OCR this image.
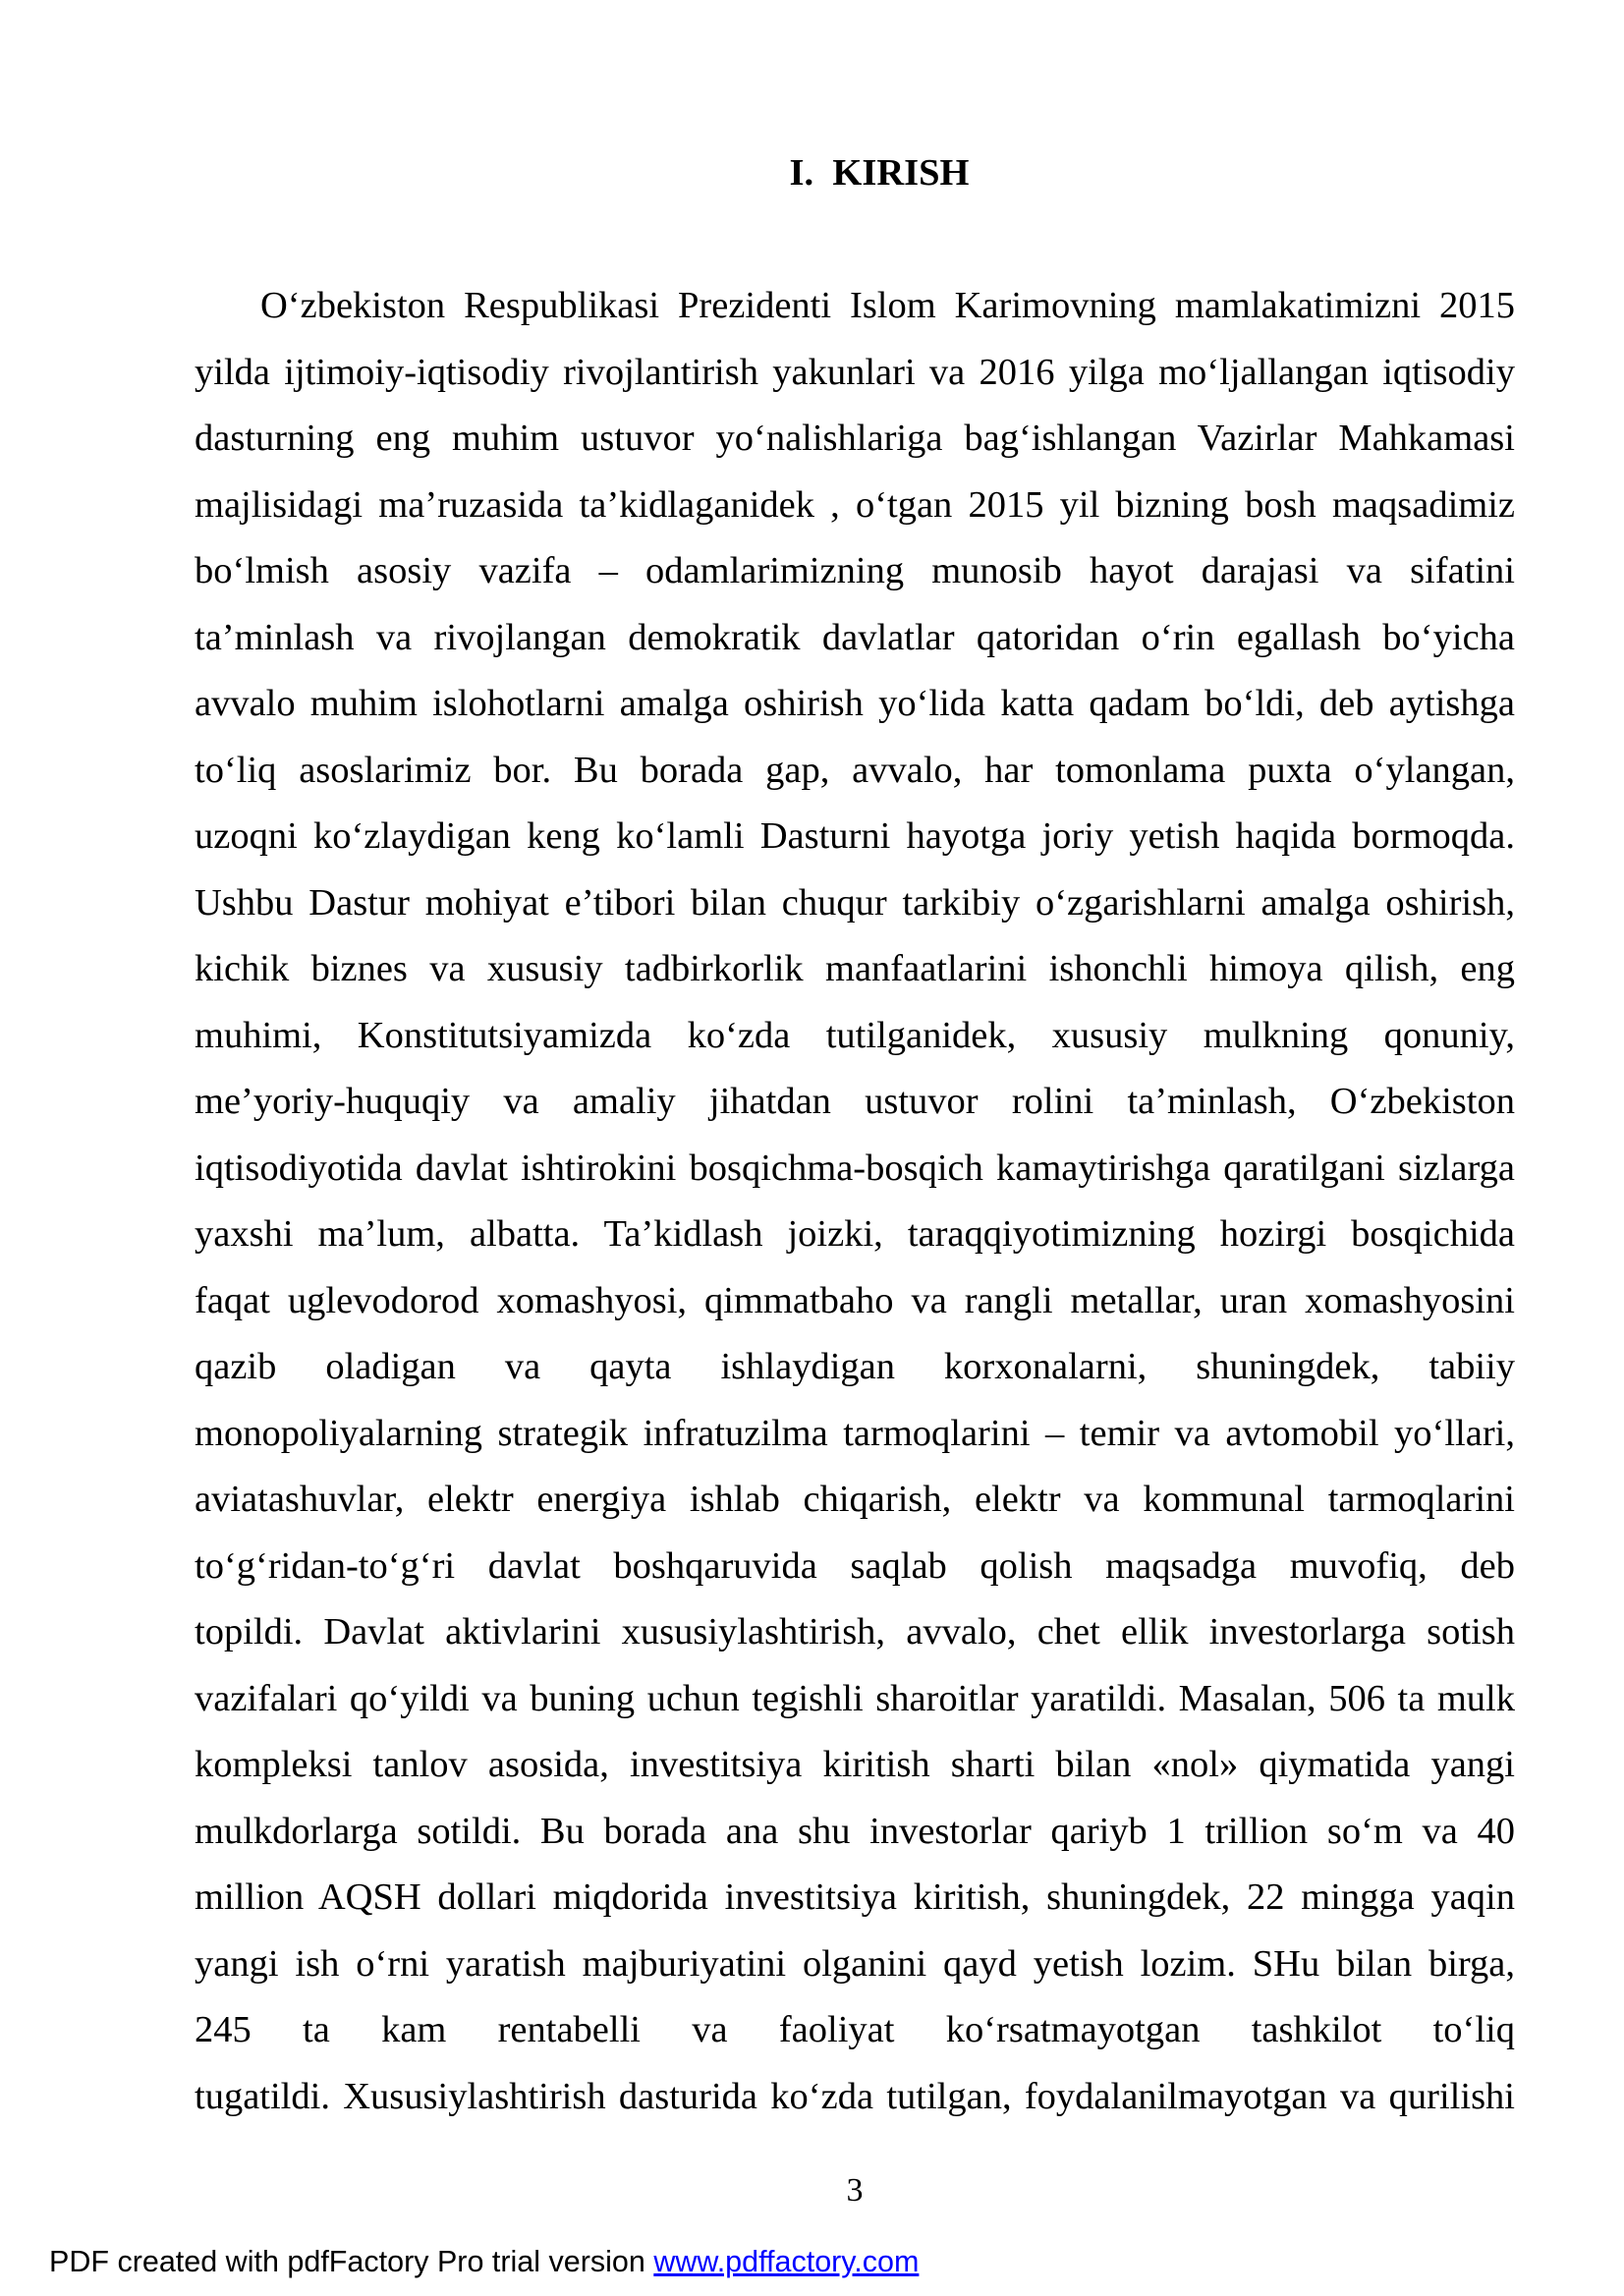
I.  KIRISH
O‘zbekiston Respublikasi Prezidenti Islom Karimovning mamlakatimizni 2015
yilda ijtimoiy-iqtisodiy rivojlantirish yakunlari va 2016 yilga mo‘ljallangan iqtisodiy
dasturning eng muhim ustuvor yo‘nalishlariga bag‘ishlangan Vazirlar Mahkamasi
majlisidagi ma’ruzasida ta’kidlaganidek , o‘tgan 2015 yil bizning bosh maqsadimiz
bo‘lmish asosiy vazifa – odamlarimizning munosib hayot darajasi va sifatini
ta’minlash va rivojlangan demokratik davlatlar qatoridan o‘rin egallash bo‘yicha
avvalo muhim islohotlarni amalga oshirish yo‘lida katta qadam bo‘ldi, deb aytishga
to‘liq asoslarimiz bor. Bu borada gap, avvalo, har tomonlama puxta o‘ylangan,
uzoqni ko‘zlaydigan keng ko‘lamli Dasturni hayotga joriy yetish haqida bormoqda.
Ushbu Dastur mohiyat e’tibori bilan chuqur tarkibiy o‘zgarishlarni amalga oshirish,
kichik biznes va xususiy tadbirkorlik manfaatlarini ishonchli himoya qilish, eng
muhimi, Konstitutsiyamizda ko‘zda tutilganidek, xususiy mulkning qonuniy,
me’yoriy-huquqiy va amaliy jihatdan ustuvor rolini ta’minlash, O‘zbekiston
iqtisodiyotida davlat ishtirokini bosqichma-bosqich kamaytirishga qaratilgani sizlarga
yaxshi ma’lum, albatta. Ta’kidlash joizki, taraqqiyotimizning hozirgi bosqichida
faqat uglevodorod xomashyosi, qimmatbaho va rangli metallar, uran xomashyosini
qazib oladigan va qayta ishlaydigan korxonalarni, shuningdek, tabiiy
monopoliyalarning strategik infratuzilma tarmoqlarini – temir va avtomobil yo‘llari,
aviatashuvlar, elektr energiya ishlab chiqarish, elektr va kommunal tarmoqlarini
to‘g‘ridan-to‘g‘ri davlat boshqaruvida saqlab qolish maqsadga muvofiq, deb
topildi. Davlat aktivlarini xususiylashtirish, avvalo, chet ellik investorlarga sotish
vazifalari qo‘yildi va buning uchun tegishli sharoitlar yaratildi. Masalan, 506 ta mulk
kompleksi tanlov asosida, investitsiya kiritish sharti bilan «nol» qiymatida yangi
mulkdorlarga sotildi. Bu borada ana shu investorlar qariyb 1 trillion so‘m va 40
million AQSH dollari miqdorida investitsiya kiritish, shuningdek, 22 mingga yaqin
yangi ish o‘rni yaratish majburiyatini olganini qayd yetish lozim. SHu bilan birga,
245 ta kam rentabelli va faoliyat ko‘rsatmayotgan tashkilot to‘liq
tugatildi. Xususiylashtirish dasturida ko‘zda tutilgan, foydalanilmayotgan va qurilishi
3
PDF created with pdfFactory Pro trial version www.pdffactory.com
